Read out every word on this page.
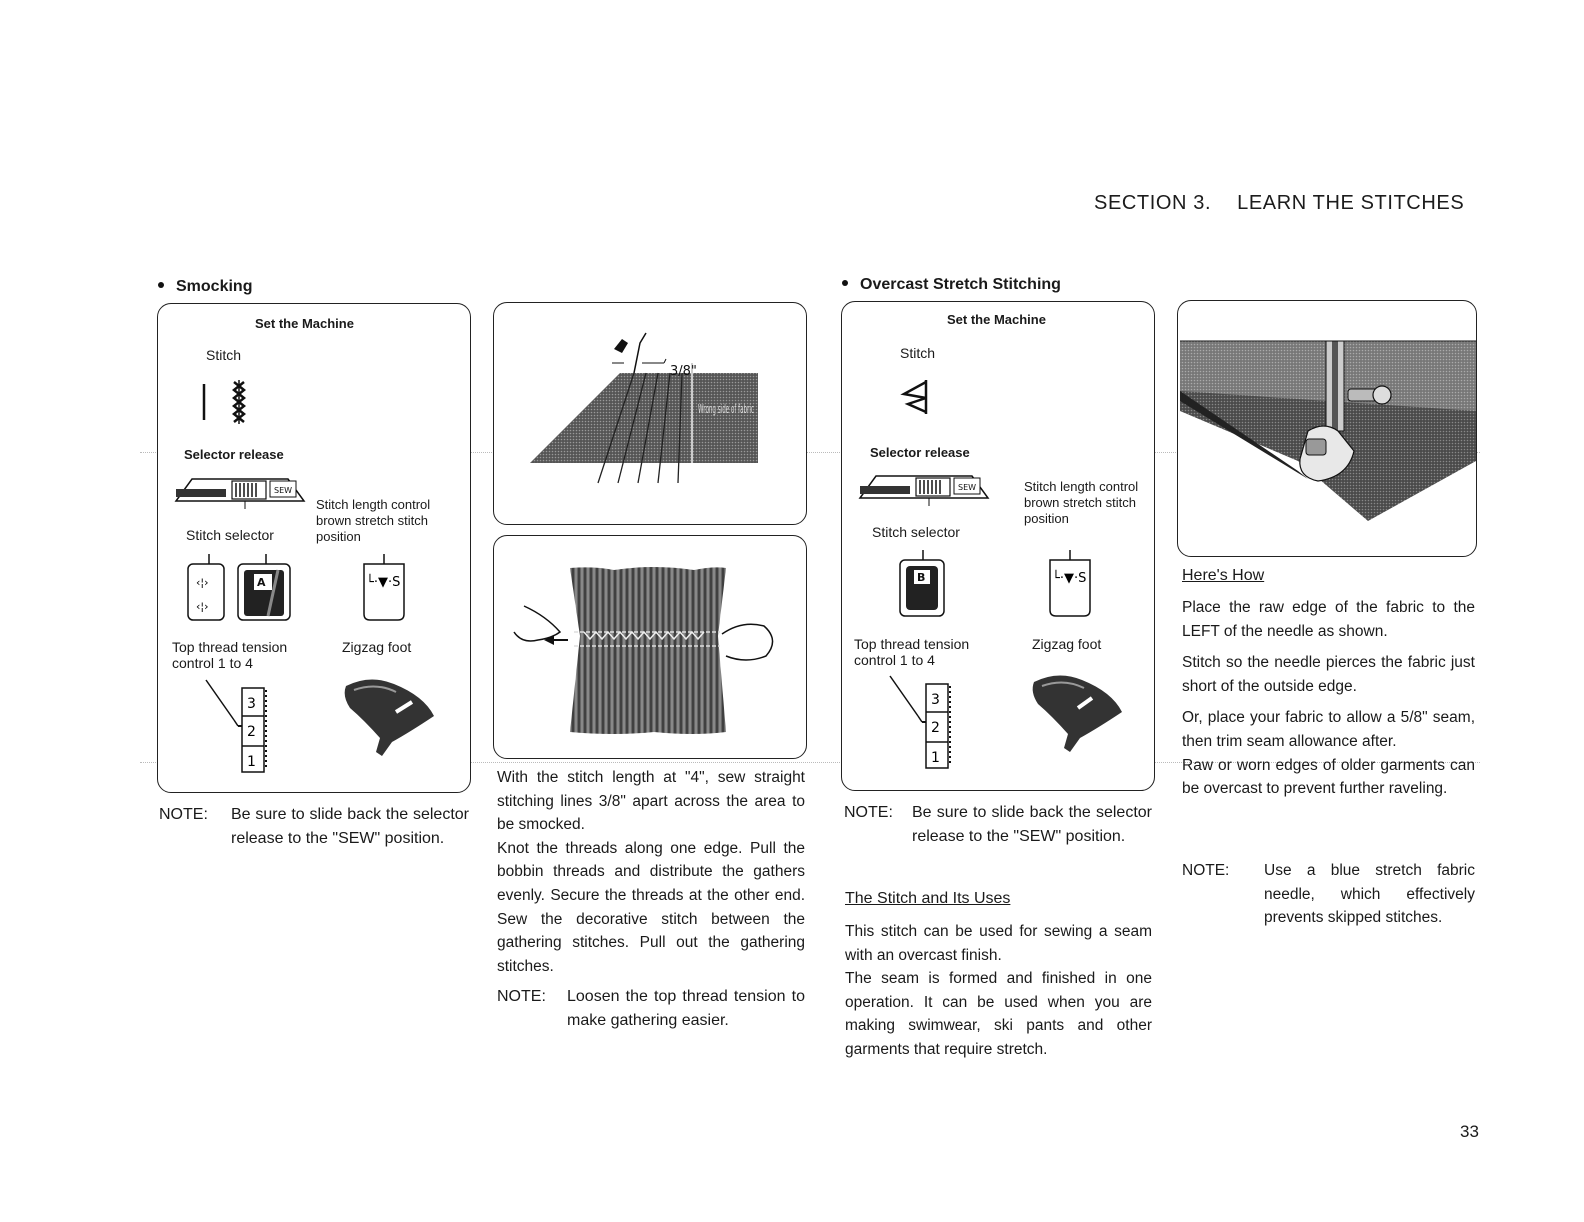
SECTION 3. LEARN THE STITCHES
Smocking
Set the Machine
Stitch
Selector release
SEW
Stitch length control brown stretch stitch position
Stitch selector
‹¦›
‹¦›
A	└·▼·S
Top thread tension control 1 to 4
Zigzag foot
3
2
1
NOTE:	Be sure to slide back the selector release to the "SEW" position.
3/8"
Wrong side of fabric

With the stitch length at "4", sew straight stitching lines 3/8" apart across the area to be smocked.

Knot the threads along one edge. Pull the bobbin threads and distribute the gathers evenly. Secure the threads at the other end. Sew the decorative stitch between the gathering stitches. Pull out the gathering stitches.

NOTE:	Loosen the top thread tension to make gathering easier.
Overcast Stretch Stitching
Set the Machine
Stitch
Selector release
SEW	Stitch length control brown stretch stitch position
Stitch selector
B	└·▼·S
Top thread tension control 1 to 4
Zigzag foot
3
2
1
NOTE:	Be sure to slide back the selector release to the "SEW" position.
The Stitch and Its Uses

This stitch can be used for sewing a seam with an overcast finish.

The seam is formed and finished in one operation. It can be used when you are making swimwear, ski pants and other garments that require stretch.

Here's How

Place the raw edge of the fabric to the LEFT of the needle as shown.

Stitch so the needle pierces the fabric just short of the outside edge.

Or, place your fabric to allow a 5/8" seam, then trim seam allowance after.

Raw or worn edges of older garments can be overcast to prevent further raveling.

NOTE:	Use a blue stretch fabric needle, which effectively prevents skipped stitches.
33
